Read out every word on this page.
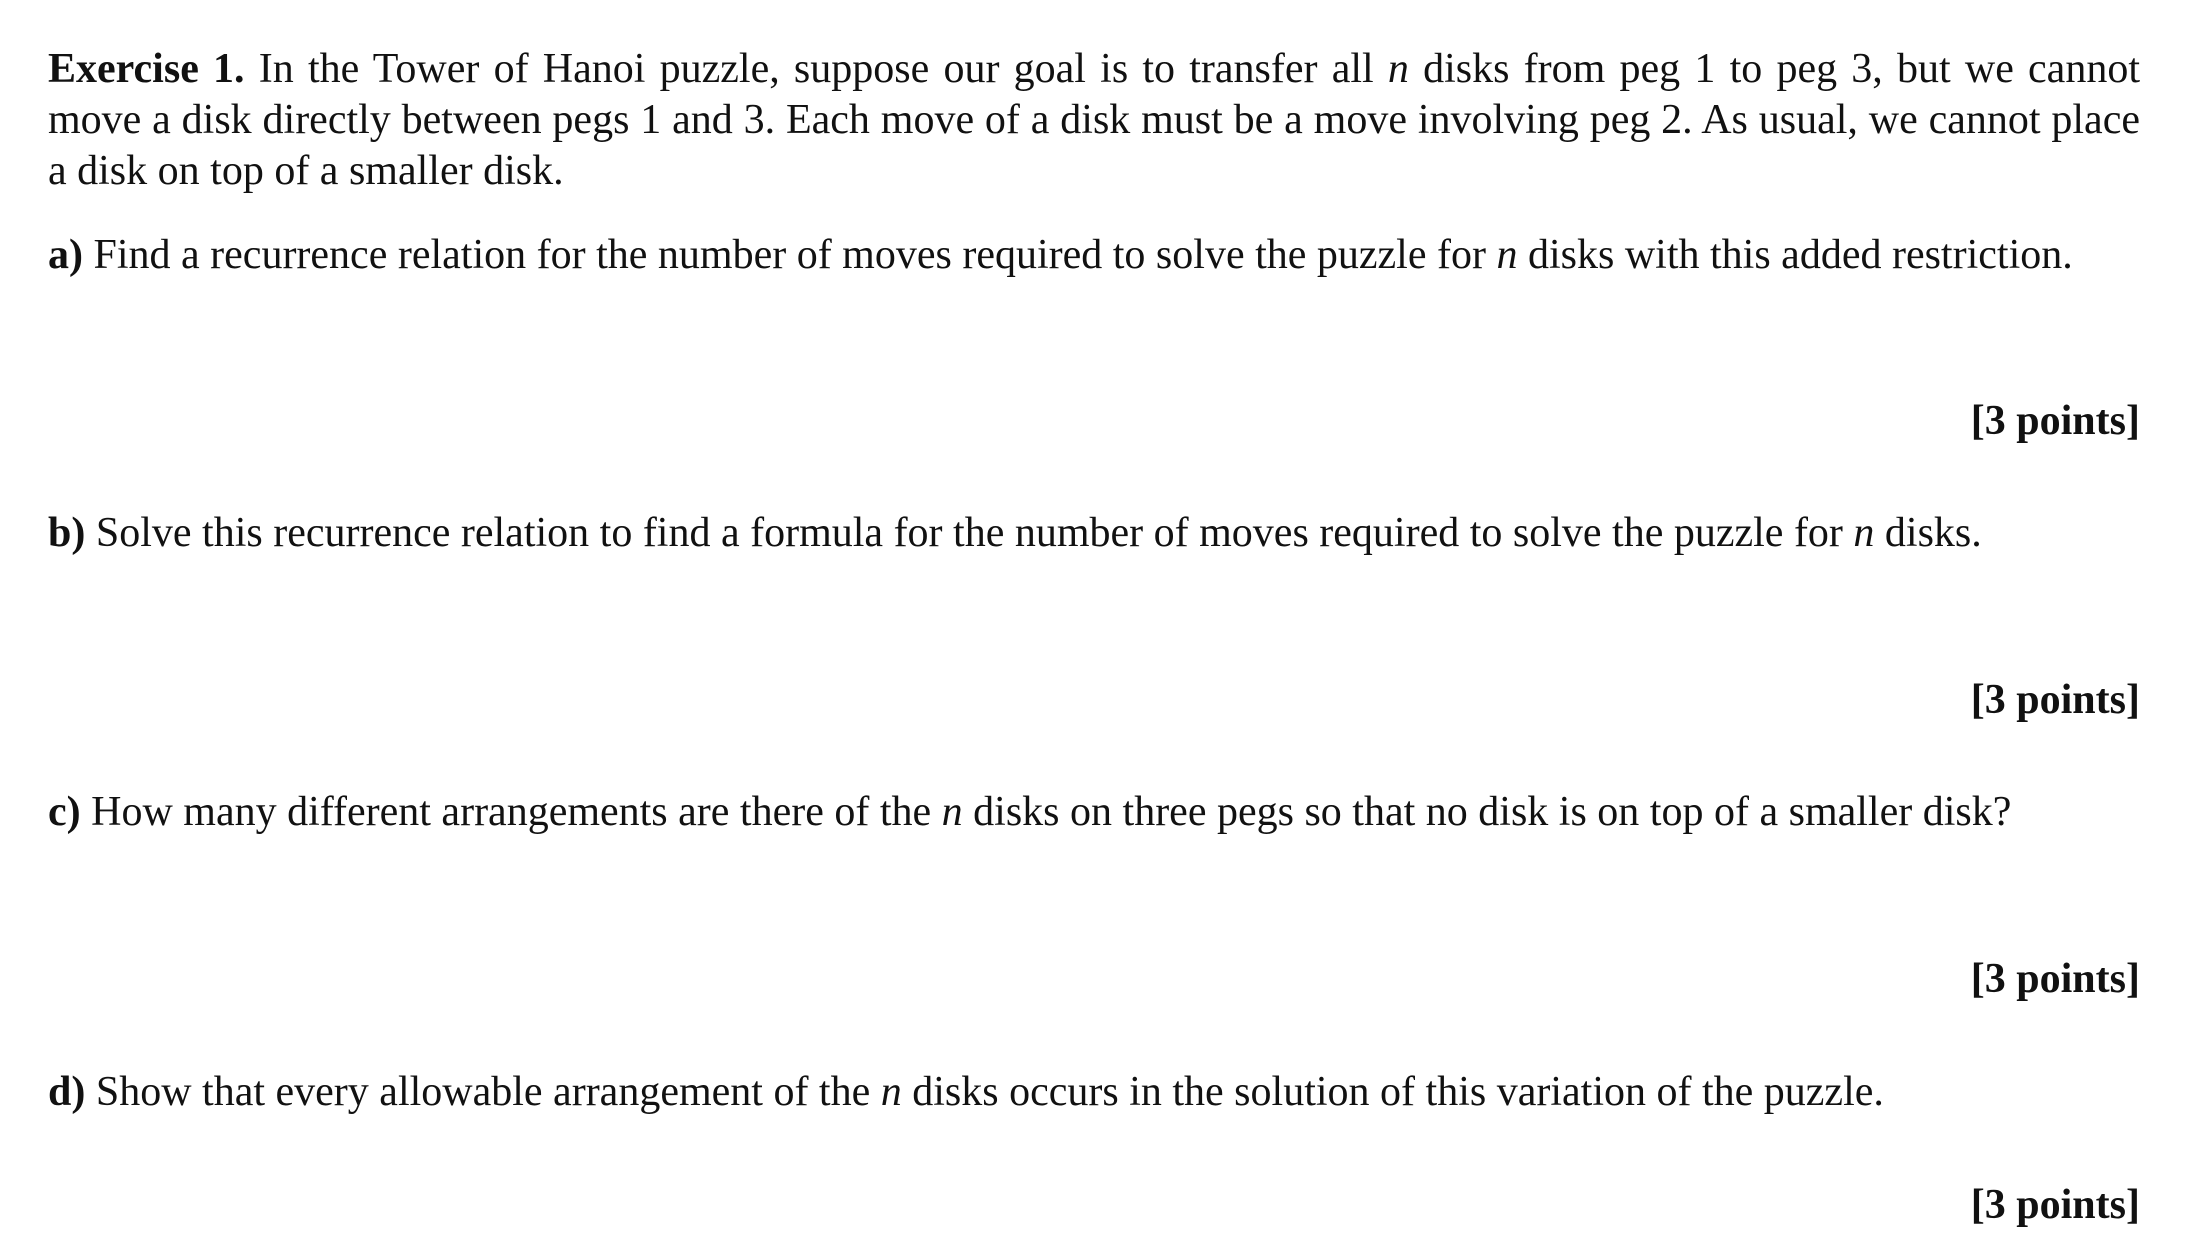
Exercise 1. In the Tower of Hanoi puzzle, suppose our goal is to transfer all n disks from peg 1 to peg 3, but we cannot move a disk directly between pegs 1 and 3. Each move of a disk must be a move involving peg 2. As usual, we cannot place a disk on top of a smaller disk.

a) Find a recurrence relation for the number of moves required to solve the puzzle for n disks with this added restriction.

[3 points]

b) Solve this recurrence relation to find a formula for the number of moves required to solve the puzzle for n disks.

[3 points]

c) How many different arrangements are there of the n disks on three pegs so that no disk is on top of a smaller disk?

[3 points]

d) Show that every allowable arrangement of the n disks occurs in the solution of this variation of the puzzle.

[3 points]
